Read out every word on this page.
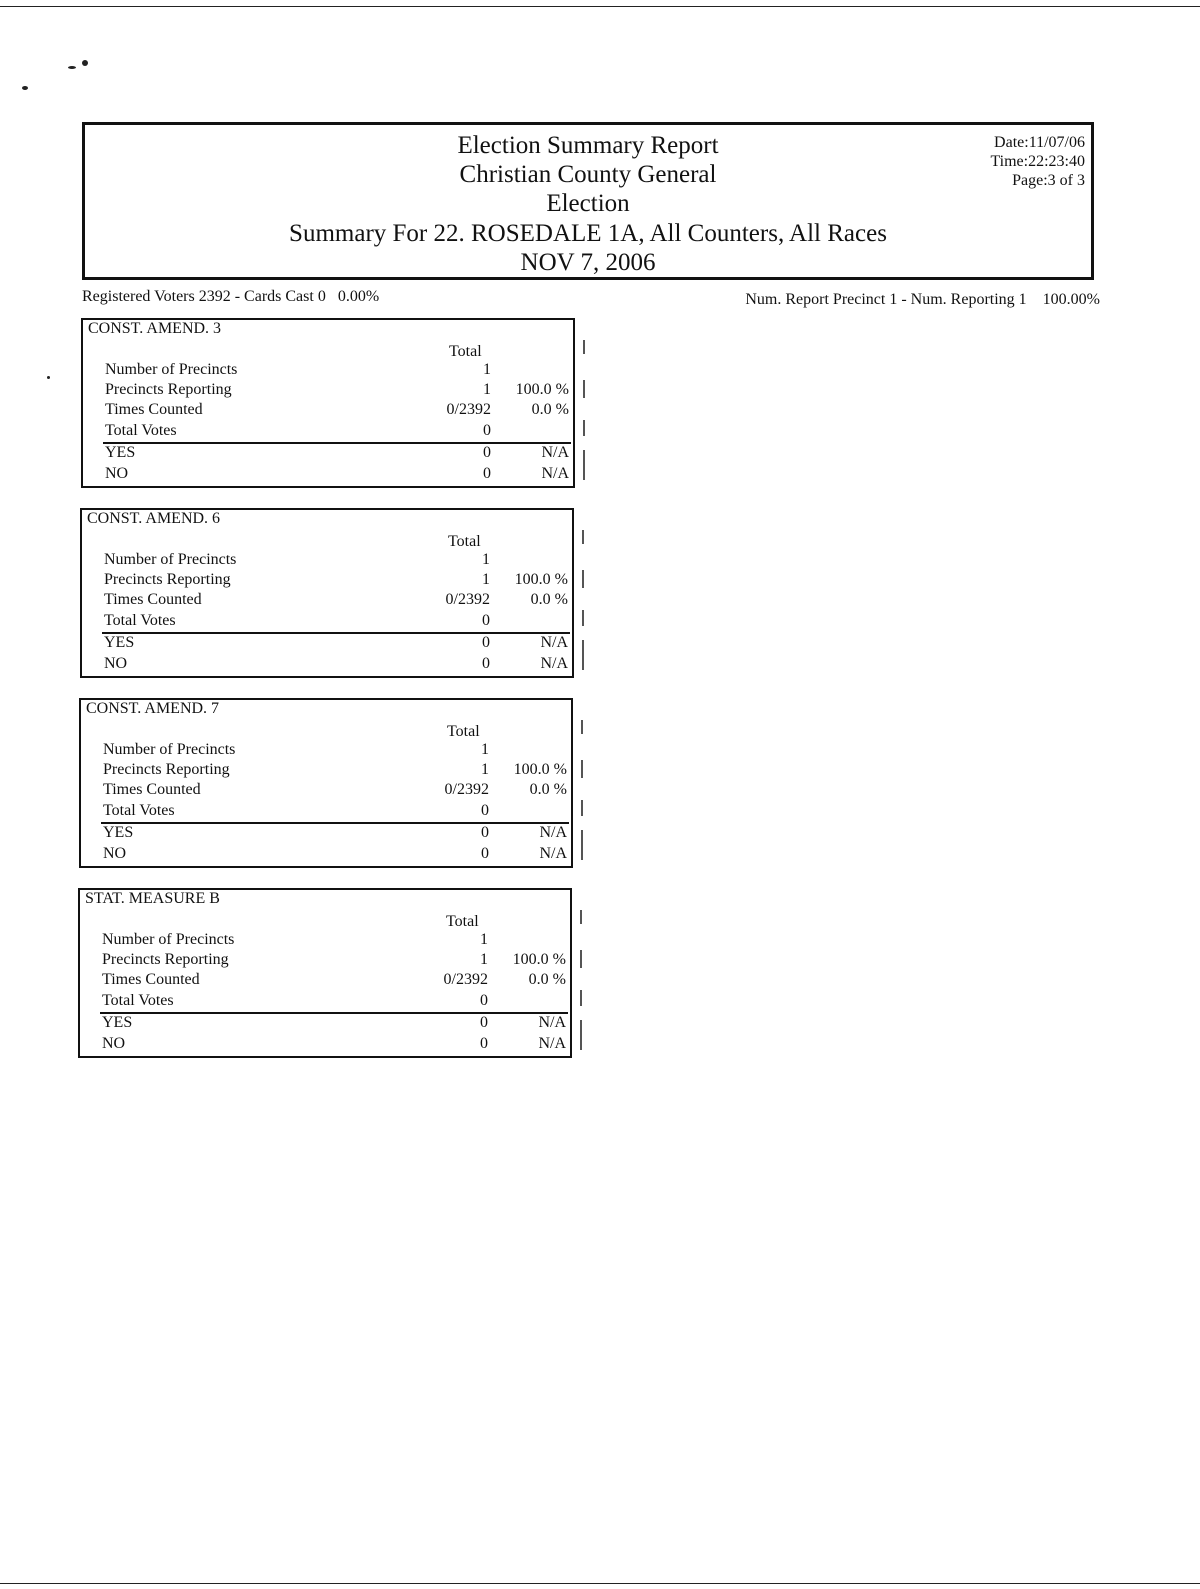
Election Summary Report
Christian County General
Election
Summary For 22. ROSEDALE 1A, All Counters, All Races
NOV 7, 2006
Date:11/07/06
Time:22:23:40
Page:3 of 3
Registered Voters 2392 - Cards Cast 0   0.00%	Num. Report Precinct 1 - Num. Reporting 1    100.00%
CONST. AMEND. 3
Total
Number of Precincts	1
Precincts Reporting	1 100.0 %
Times Counted	0/2392	0.0 %
Total Votes	0
YES	0	N/A
NO	0	N/A
CONST. AMEND. 6
Total
Number of Precincts	1
Precincts Reporting	1 100.0 %
Times Counted	0/2392	0.0 %
Total Votes	0
YES	0	N/A
NO	0	N/A
CONST. AMEND. 7
Total
Number of Precincts	1
Precincts Reporting	1 100.0 %
Times Counted	0/2392	0.0 %
Total Votes	0
YES	0	N/A
NO	0	N/A
STAT. MEASURE B
Total
Number of Precincts	1
Precincts Reporting	1 100.0 %
Times Counted	0/2392	0.0 %
Total Votes	0
YES	0	N/A
NO	0	N/A
